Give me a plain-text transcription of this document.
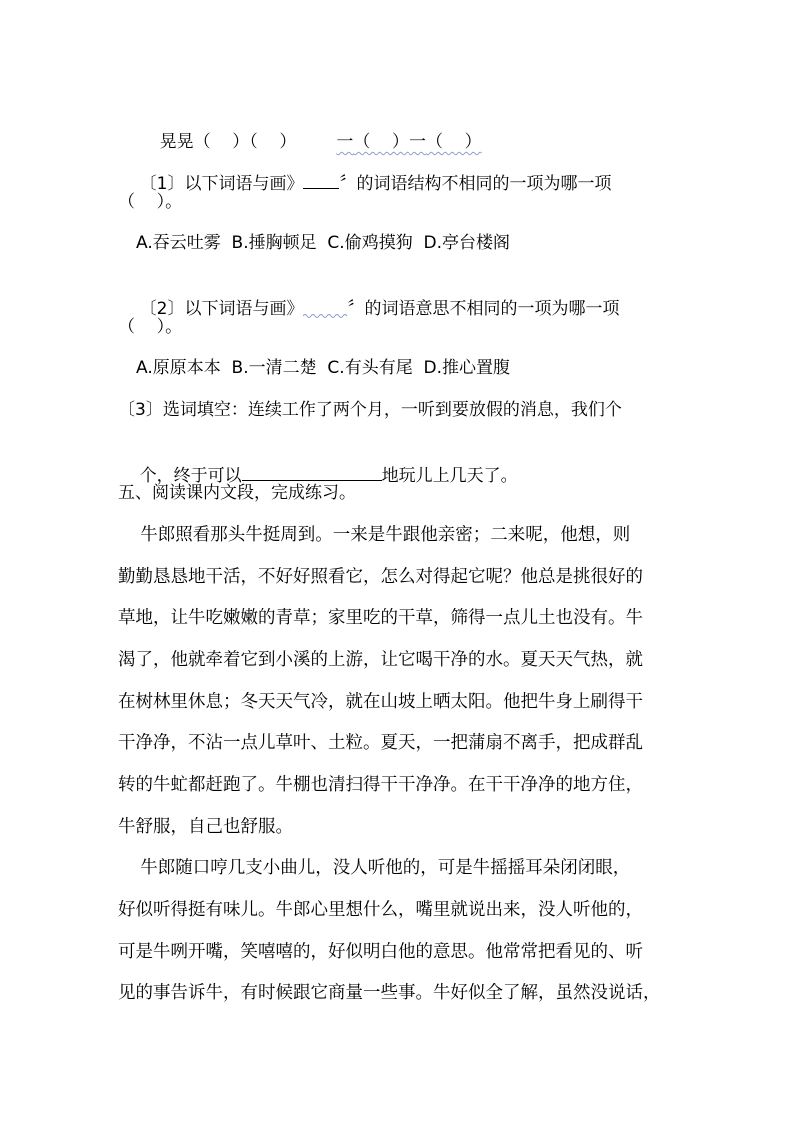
晃晃（    ）（    ） 一（    ）一（    ）

〔1〕以下词语与画》 〞的词语结构不相同的一项为哪一项

（    ）。
A.吞云吐雾  B.捶胸顿足  C.偷鸡摸狗  D.亭台楼阁

〔2〕以下词语与画》	〞的词语意思不相同的一项为哪一项

（    ）。
A.原原本本  B.一清二楚  C.有头有尾  D.推心置腹
〔3〕选词填空：连续工作了两个月，一听到要放假的消息，我们个

个，终于可以	地玩儿上几天了。

五、阅读课内文段，完成练习。
牛郎照看那头牛挺周到。一来是牛跟他亲密；二来呢，他想，则
勤勤恳恳地干活，不好好照看它，怎么对得起它呢？他总是挑很好的
草地，让牛吃嫩嫩的青草；家里吃的干草，筛得一点儿土也没有。牛
渴了，他就牵着它到小溪的上游，让它喝干净的水。夏天天气热，就
在树林里休息；冬天天气冷，就在山坡上晒太阳。他把牛身上刷得干
干净净，不沾一点儿草叶、土粒。夏天，一把蒲扇不离手，把成群乱
转的牛虻都赶跑了。牛棚也清扫得干干净净。在干干净净的地方住，
牛舒服，自己也舒服。
牛郎随口哼几支小曲儿，没人听他的，可是牛摇摇耳朵闭闭眼，
好似听得挺有味儿。牛郎心里想什么，嘴里就说出来，没人听他的，
可是牛咧开嘴，笑嘻嘻的，好似明白他的意思。他常常把看见的、听
见的事告诉牛，有时候跟它商量一些事。牛好似全了解，虽然没说话，
